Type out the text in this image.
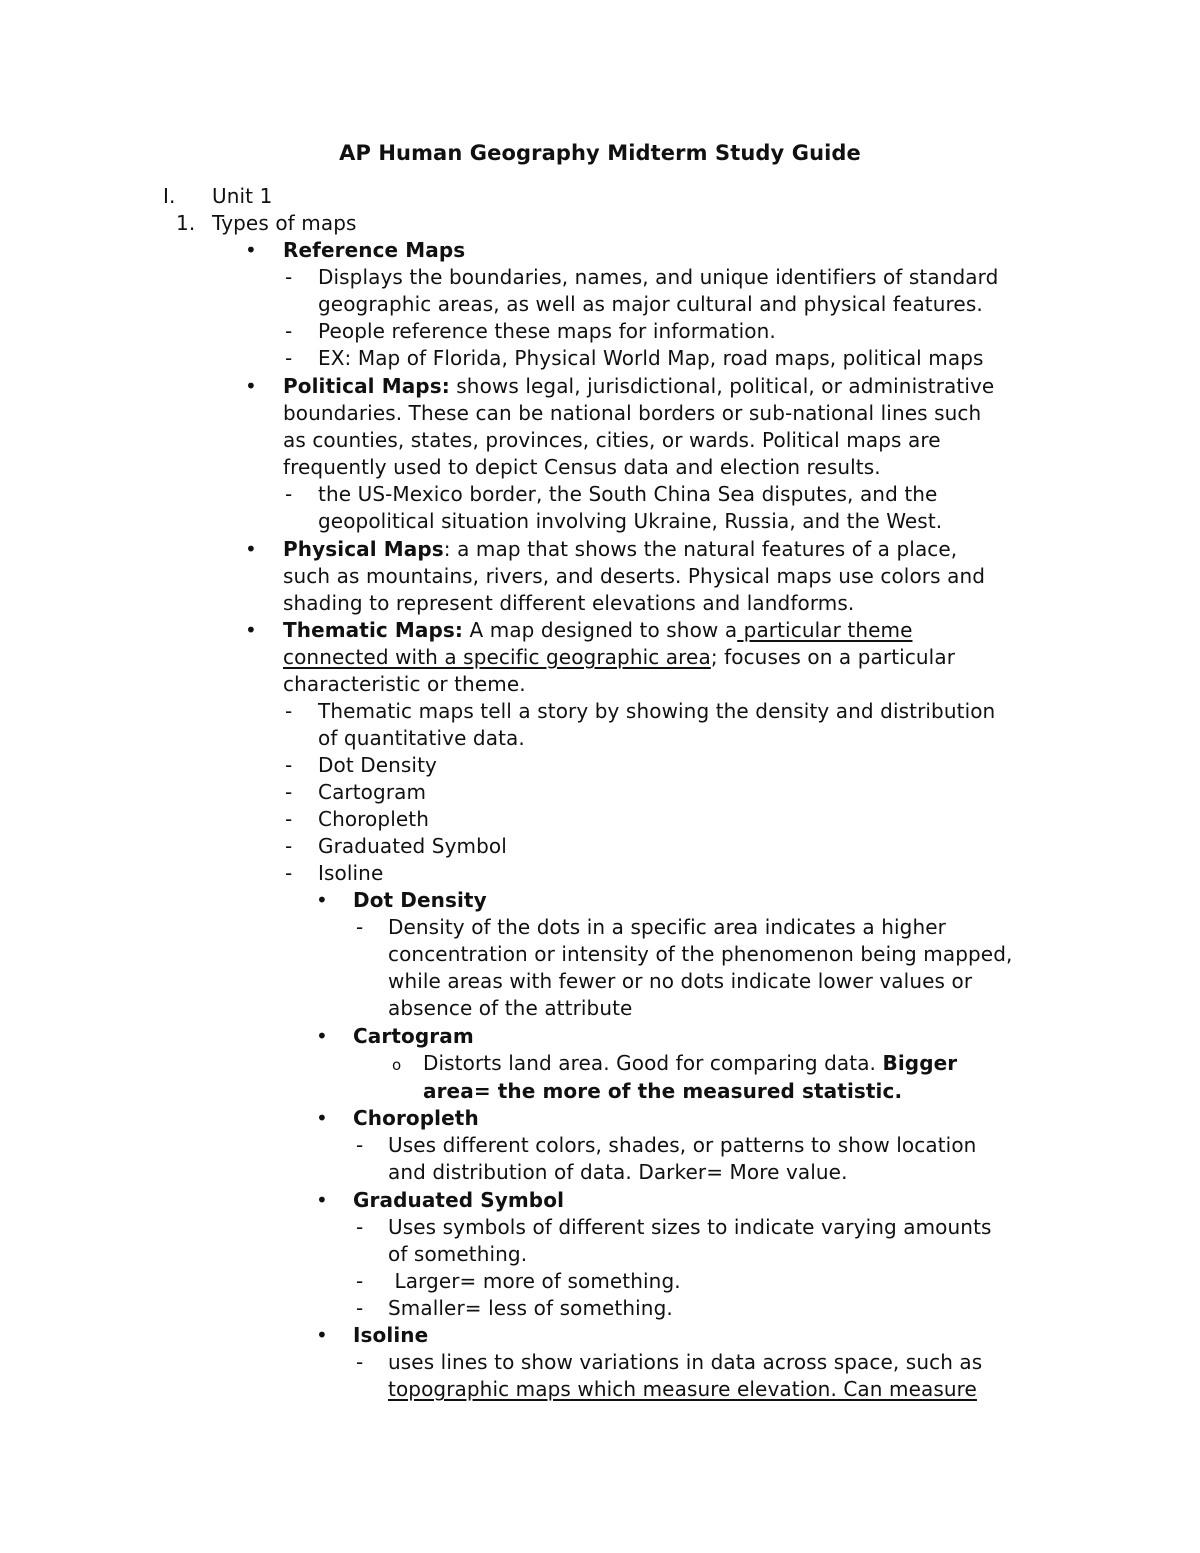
AP Human Geography Midterm Study Guide
I. Unit 1
1. Types of maps
• Reference Maps
- Displays the boundaries, names, and unique identifiers of standard
geographic areas, as well as major cultural and physical features.
- People reference these maps for information.
- EX: Map of Florida, Physical World Map, road maps, political maps
• Political Maps: shows legal, jurisdictional, political, or administrative
boundaries. These can be national borders or sub-national lines such
as counties, states, provinces, cities, or wards. Political maps are
frequently used to depict Census data and election results.
- the US-Mexico border, the South China Sea disputes, and the
geopolitical situation involving Ukraine, Russia, and the West.
• Physical Maps: a map that shows the natural features of a place,
such as mountains, rivers, and deserts. Physical maps use colors and
shading to represent different elevations and landforms.
• Thematic Maps: A map designed to show a particular theme
connected with a specific geographic area; focuses on a particular
characteristic or theme.
- Thematic maps tell a story by showing the density and distribution
of quantitative data.
- Dot Density
- Cartogram
- Choropleth
- Graduated Symbol
- Isoline
• Dot Density
- Density of the dots in a specific area indicates a higher
concentration or intensity of the phenomenon being mapped,
while areas with fewer or no dots indicate lower values or
absence of the attribute
• Cartogram
o Distorts land area. Good for comparing data. Bigger
area= the more of the measured statistic.
• Choropleth
- Uses different colors, shades, or patterns to show location
and distribution of data. Darker= More value.
• Graduated Symbol
- Uses symbols of different sizes to indicate varying amounts
of something.
- Larger= more of something.
- Smaller= less of something.
• Isoline
- uses lines to show variations in data across space, such as
topographic maps which measure elevation. Can measure
